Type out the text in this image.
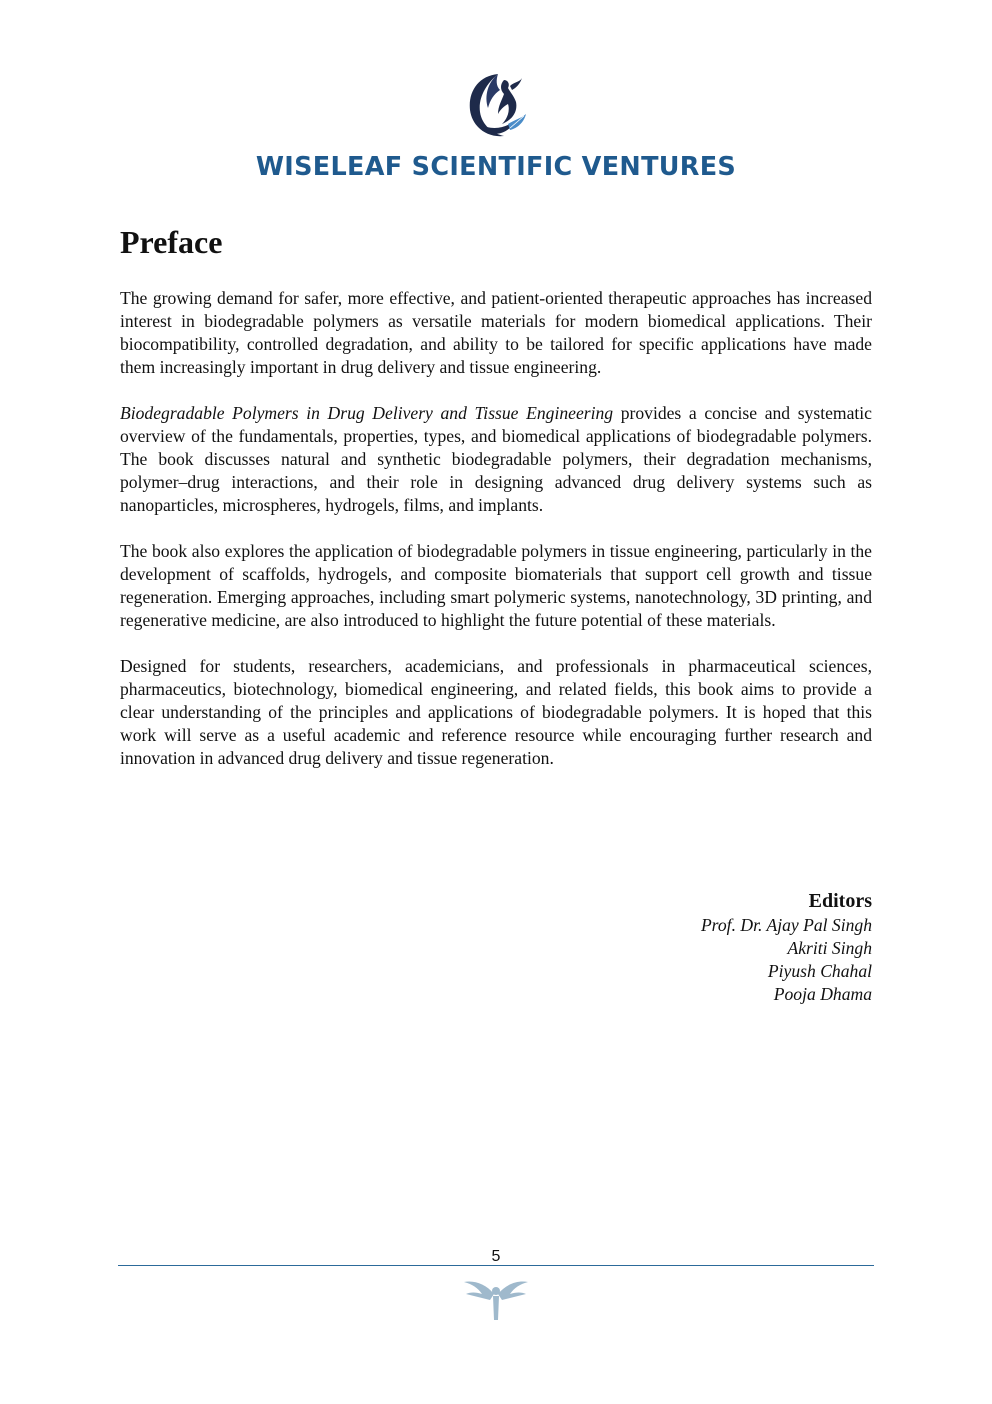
WISELEAF SCIENTIFIC VENTURES
Preface

The growing demand for safer, more effective, and patient-oriented therapeutic approaches has increased interest in biodegradable polymers as versatile materials for modern biomedical applications. Their biocompatibility, controlled degradation, and ability to be tailored for specific applications have made them increasingly important in drug delivery and tissue engineering.

Biodegradable Polymers in Drug Delivery and Tissue Engineering provides a concise and systematic overview of the fundamentals, properties, types, and biomedical applications of biodegradable polymers. The book discusses natural and synthetic biodegradable polymers, their degradation mechanisms, polymer–drug interactions, and their role in designing advanced drug delivery systems such as nanoparticles, microspheres, hydrogels, films, and implants.

The book also explores the application of biodegradable polymers in tissue engineering, particularly in the development of scaffolds, hydrogels, and composite biomaterials that support cell growth and tissue regeneration. Emerging approaches, including smart polymeric systems, nanotechnology, 3D printing, and regenerative medicine, are also introduced to highlight the future potential of these materials.

Designed for students, researchers, academicians, and professionals in pharmaceutical sciences, pharmaceutics, biotechnology, biomedical engineering, and related fields, this book aims to provide a clear understanding of the principles and applications of biodegradable polymers. It is hoped that this work will serve as a useful academic and reference resource while encouraging further research and innovation in advanced drug delivery and tissue regeneration.

Editors
Prof. Dr. Ajay Pal Singh
Akriti Singh
Piyush Chahal
Pooja Dhama
5
